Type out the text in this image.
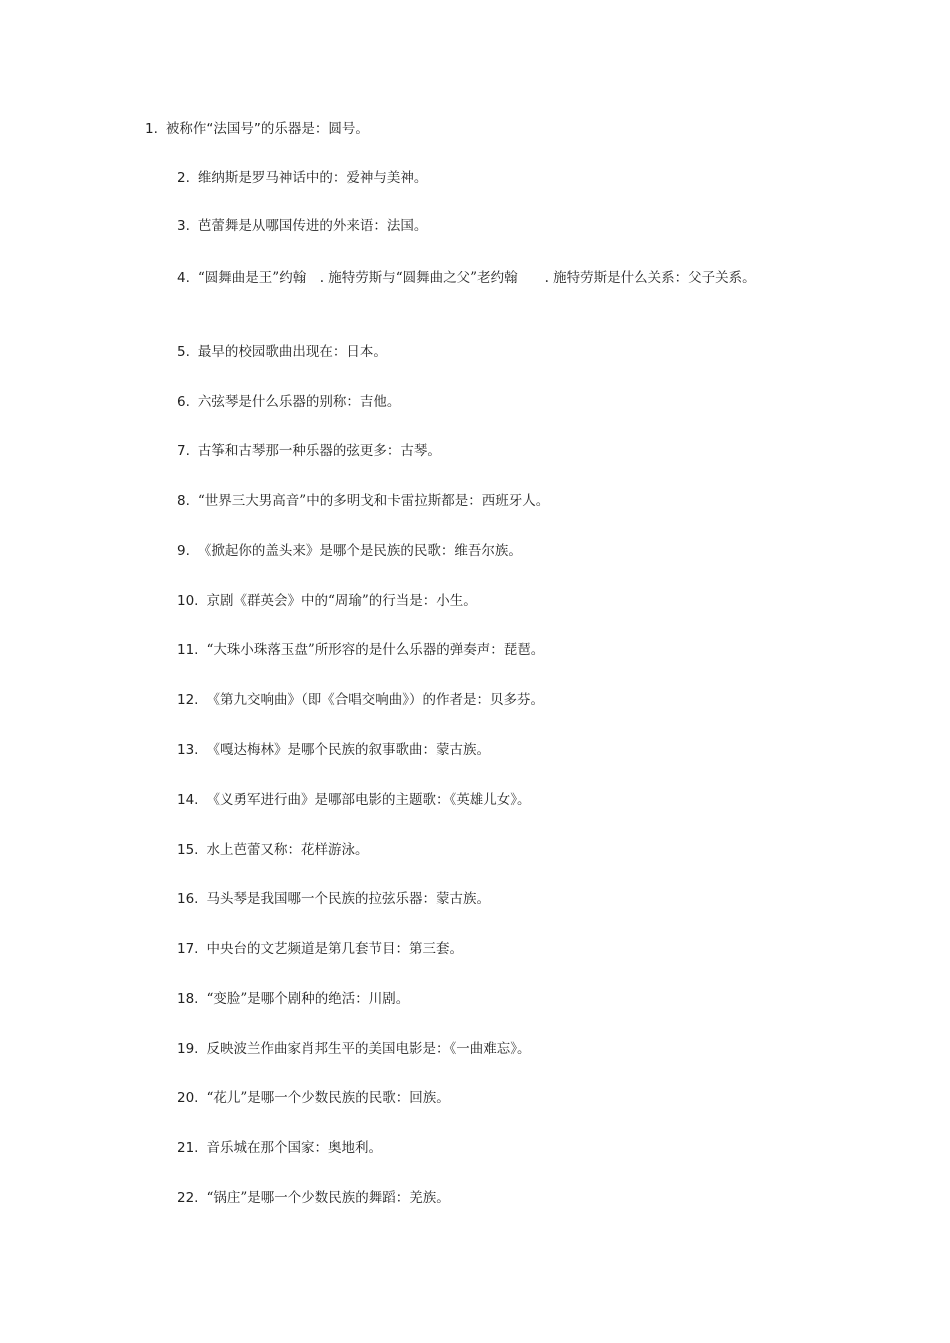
1. 被称作“法国号”的乐器是：圆号。
2. 维纳斯是罗马神话中的：爱神与美神。
3. 芭蕾舞是从哪国传进的外来语：法国。
4. “圆舞曲是王”约翰　. 施特劳斯与“圆舞曲之父”老约翰　　. 施特劳斯是什么关系：父子关系。
5. 最早的校园歌曲出现在：日本。
6. 六弦琴是什么乐器的别称：吉他。
7. 古筝和古琴那一种乐器的弦更多：古琴。
8. “世界三大男高音”中的多明戈和卡雷拉斯都是：西班牙人。
9. 《掀起你的盖头来》是哪个是民族的民歌：维吾尔族。
10. 京剧《群英会》中的“周瑜”的行当是：小生。
11. “大珠小珠落玉盘”所形容的是什么乐器的弹奏声：琵琶。
12. 《第九交响曲》（即《合唱交响曲》）的作者是：贝多芬。
13. 《嘎达梅林》是哪个民族的叙事歌曲：蒙古族。
14. 《义勇军进行曲》是哪部电影的主题歌：《英雄儿女》。
15. 水上芭蕾又称：花样游泳。
16. 马头琴是我国哪一个民族的拉弦乐器：蒙古族。
17. 中央台的文艺频道是第几套节目：第三套。
18. “变脸”是哪个剧种的绝活：川剧。
19. 反映波兰作曲家肖邦生平的美国电影是：《一曲难忘》。
20. “花儿”是哪一个少数民族的民歌：回族。
21. 音乐城在那个国家：奥地利。
22. “锅庄”是哪一个少数民族的舞蹈：羌族。
